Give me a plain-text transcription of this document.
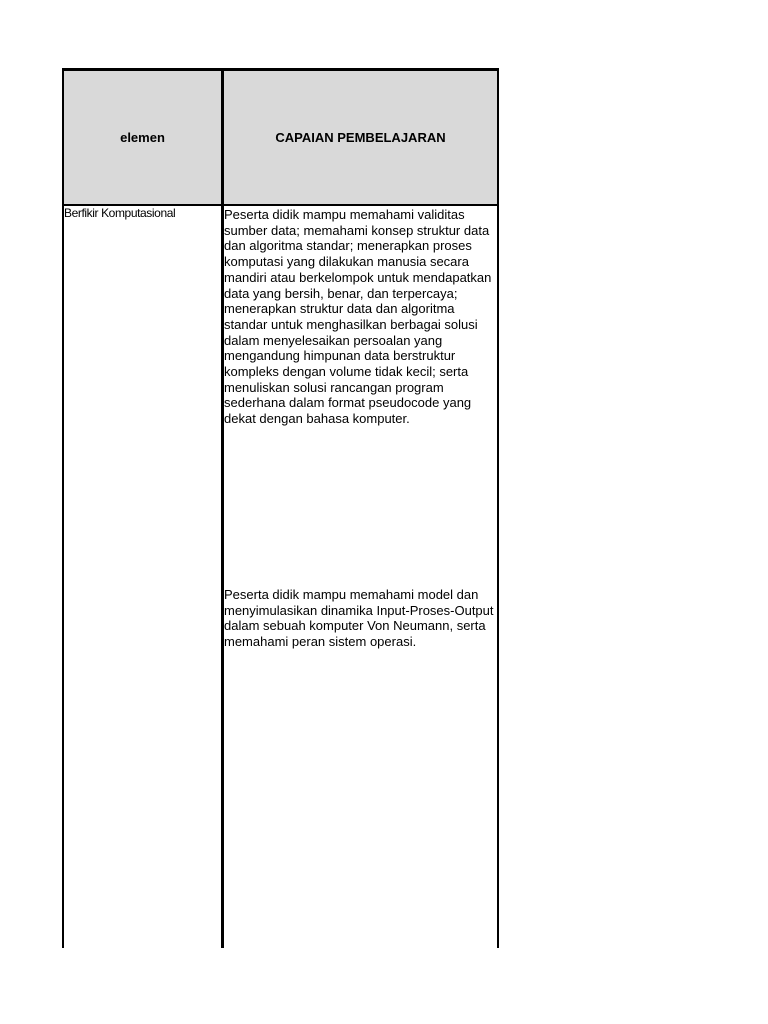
elemen	CAPAIAN PEMBELAJARAN
Berfikir Komputasional	Peserta didik mampu memahami validitas sumber data; memahami konsep struktur data dan algoritma standar; menerapkan proses komputasi yang dilakukan manusia secara mandiri atau berkelompok untuk mendapatkan data yang bersih, benar, dan terpercaya; menerapkan struktur data dan algoritma standar untuk menghasilkan berbagai solusi dalam menyelesaikan persoalan yang mengandung himpunan data berstruktur kompleks dengan volume tidak kecil; serta menuliskan solusi rancangan program sederhana dalam format pseudocode yang dekat dengan bahasa komputer.
Peserta didik mampu memahami model dan menyimulasikan dinamika Input-Proses-Output dalam sebuah komputer Von Neumann, serta memahami peran sistem operasi.
